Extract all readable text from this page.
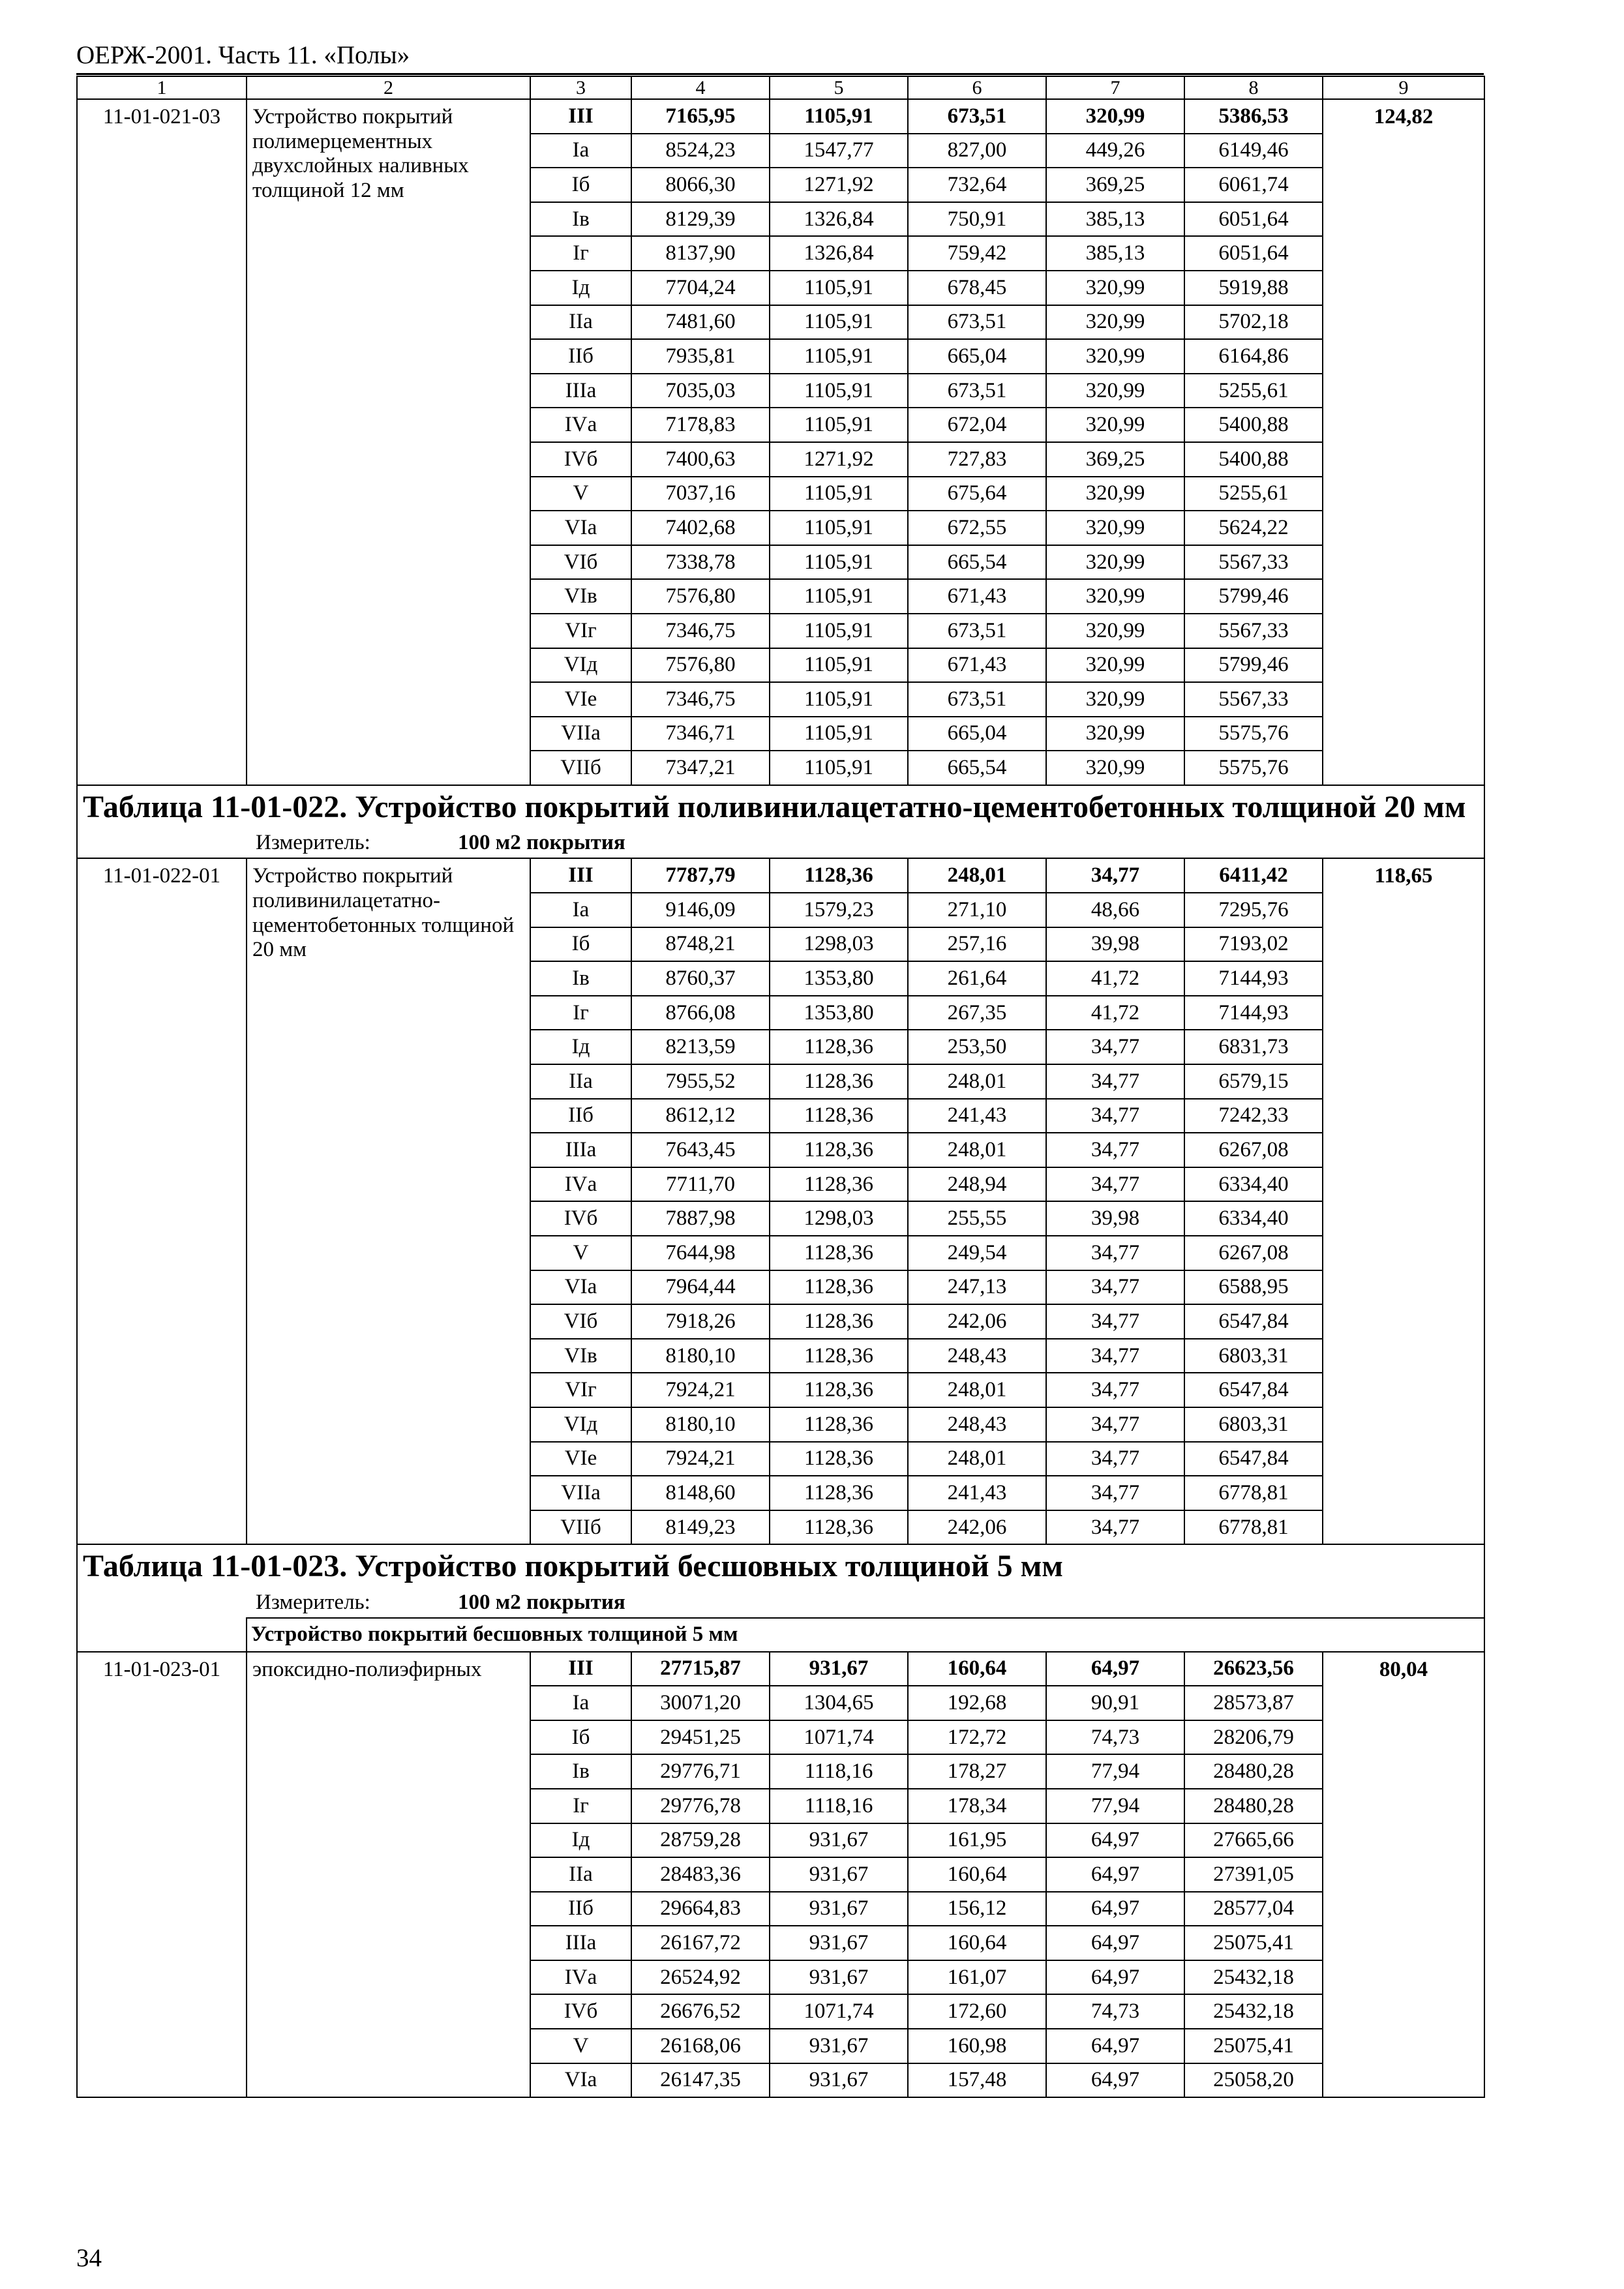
ОЕРЖ-2001. Часть 11. «Полы»
1	2	3	4	5	6	7	8	9
11-01-021-03	Устройство покрытий полимерцементных двухслойных наливных толщиной 12 мм	III	7165,95	1105,91	673,51	320,99	5386,53	124,82
		Iа	8524,23	1547,77	827,00	449,26	6149,46	
		Iб	8066,30	1271,92	732,64	369,25	6061,74	
		Iв	8129,39	1326,84	750,91	385,13	6051,64	
		Iг	8137,90	1326,84	759,42	385,13	6051,64	
		Iд	7704,24	1105,91	678,45	320,99	5919,88	
		IIа	7481,60	1105,91	673,51	320,99	5702,18	
		IIб	7935,81	1105,91	665,04	320,99	6164,86	
		IIIа	7035,03	1105,91	673,51	320,99	5255,61	
		IVа	7178,83	1105,91	672,04	320,99	5400,88	
		IVб	7400,63	1271,92	727,83	369,25	5400,88	
		V	7037,16	1105,91	675,64	320,99	5255,61	
		VIа	7402,68	1105,91	672,55	320,99	5624,22	
		VIб	7338,78	1105,91	665,54	320,99	5567,33	
		VIв	7576,80	1105,91	671,43	320,99	5799,46	
		VIг	7346,75	1105,91	673,51	320,99	5567,33	
		VIд	7576,80	1105,91	671,43	320,99	5799,46	
		VIе	7346,75	1105,91	673,51	320,99	5567,33	
		VIIа	7346,71	1105,91	665,04	320,99	5575,76	
		VIIб	7347,21	1105,91	665,54	320,99	5575,76	
Таблица 11-01-022. Устройство покрытий поливинилацетатно-цементобетонных толщиной 20 мм								
Измеритель: 100 м2 покрытия								
11-01-022-01	Устройство покрытий поливинилацетатно-цементобетонных толщиной 20 мм	III	7787,79	1128,36	248,01	34,77	6411,42	118,65
		Iа	9146,09	1579,23	271,10	48,66	7295,76	
		Iб	8748,21	1298,03	257,16	39,98	7193,02	
		Iв	8760,37	1353,80	261,64	41,72	7144,93	
		Iг	8766,08	1353,80	267,35	41,72	7144,93	
		Iд	8213,59	1128,36	253,50	34,77	6831,73	
		IIа	7955,52	1128,36	248,01	34,77	6579,15	
		IIб	8612,12	1128,36	241,43	34,77	7242,33	
		IIIа	7643,45	1128,36	248,01	34,77	6267,08	
		IVа	7711,70	1128,36	248,94	34,77	6334,40	
		IVб	7887,98	1298,03	255,55	39,98	6334,40	
		V	7644,98	1128,36	249,54	34,77	6267,08	
		VIа	7964,44	1128,36	247,13	34,77	6588,95	
		VIб	7918,26	1128,36	242,06	34,77	6547,84	
		VIв	8180,10	1128,36	248,43	34,77	6803,31	
		VIг	7924,21	1128,36	248,01	34,77	6547,84	
		VIд	8180,10	1128,36	248,43	34,77	6803,31	
		VIе	7924,21	1128,36	248,01	34,77	6547,84	
		VIIа	8148,60	1128,36	241,43	34,77	6778,81	
		VIIб	8149,23	1128,36	242,06	34,77	6778,81	
Таблица 11-01-023. Устройство покрытий бесшовных толщиной 5 мм								
Измеритель: 100 м2 покрытия								
	Устройство покрытий бесшовных толщиной 5 мм							
11-01-023-01	эпоксидно-полиэфирных	III	27715,87	931,67	160,64	64,97	26623,56	80,04
		Iа	30071,20	1304,65	192,68	90,91	28573,87	
		Iб	29451,25	1071,74	172,72	74,73	28206,79	
		Iв	29776,71	1118,16	178,27	77,94	28480,28	
		Iг	29776,78	1118,16	178,34	77,94	28480,28	
		Iд	28759,28	931,67	161,95	64,97	27665,66	
		IIа	28483,36	931,67	160,64	64,97	27391,05	
		IIб	29664,83	931,67	156,12	64,97	28577,04	
		IIIа	26167,72	931,67	160,64	64,97	25075,41	
		IVа	26524,92	931,67	161,07	64,97	25432,18	
		IVб	26676,52	1071,74	172,60	74,73	25432,18	
		V	26168,06	931,67	160,98	64,97	25075,41	
		VIа	26147,35	931,67	157,48	64,97	25058,20	
34
